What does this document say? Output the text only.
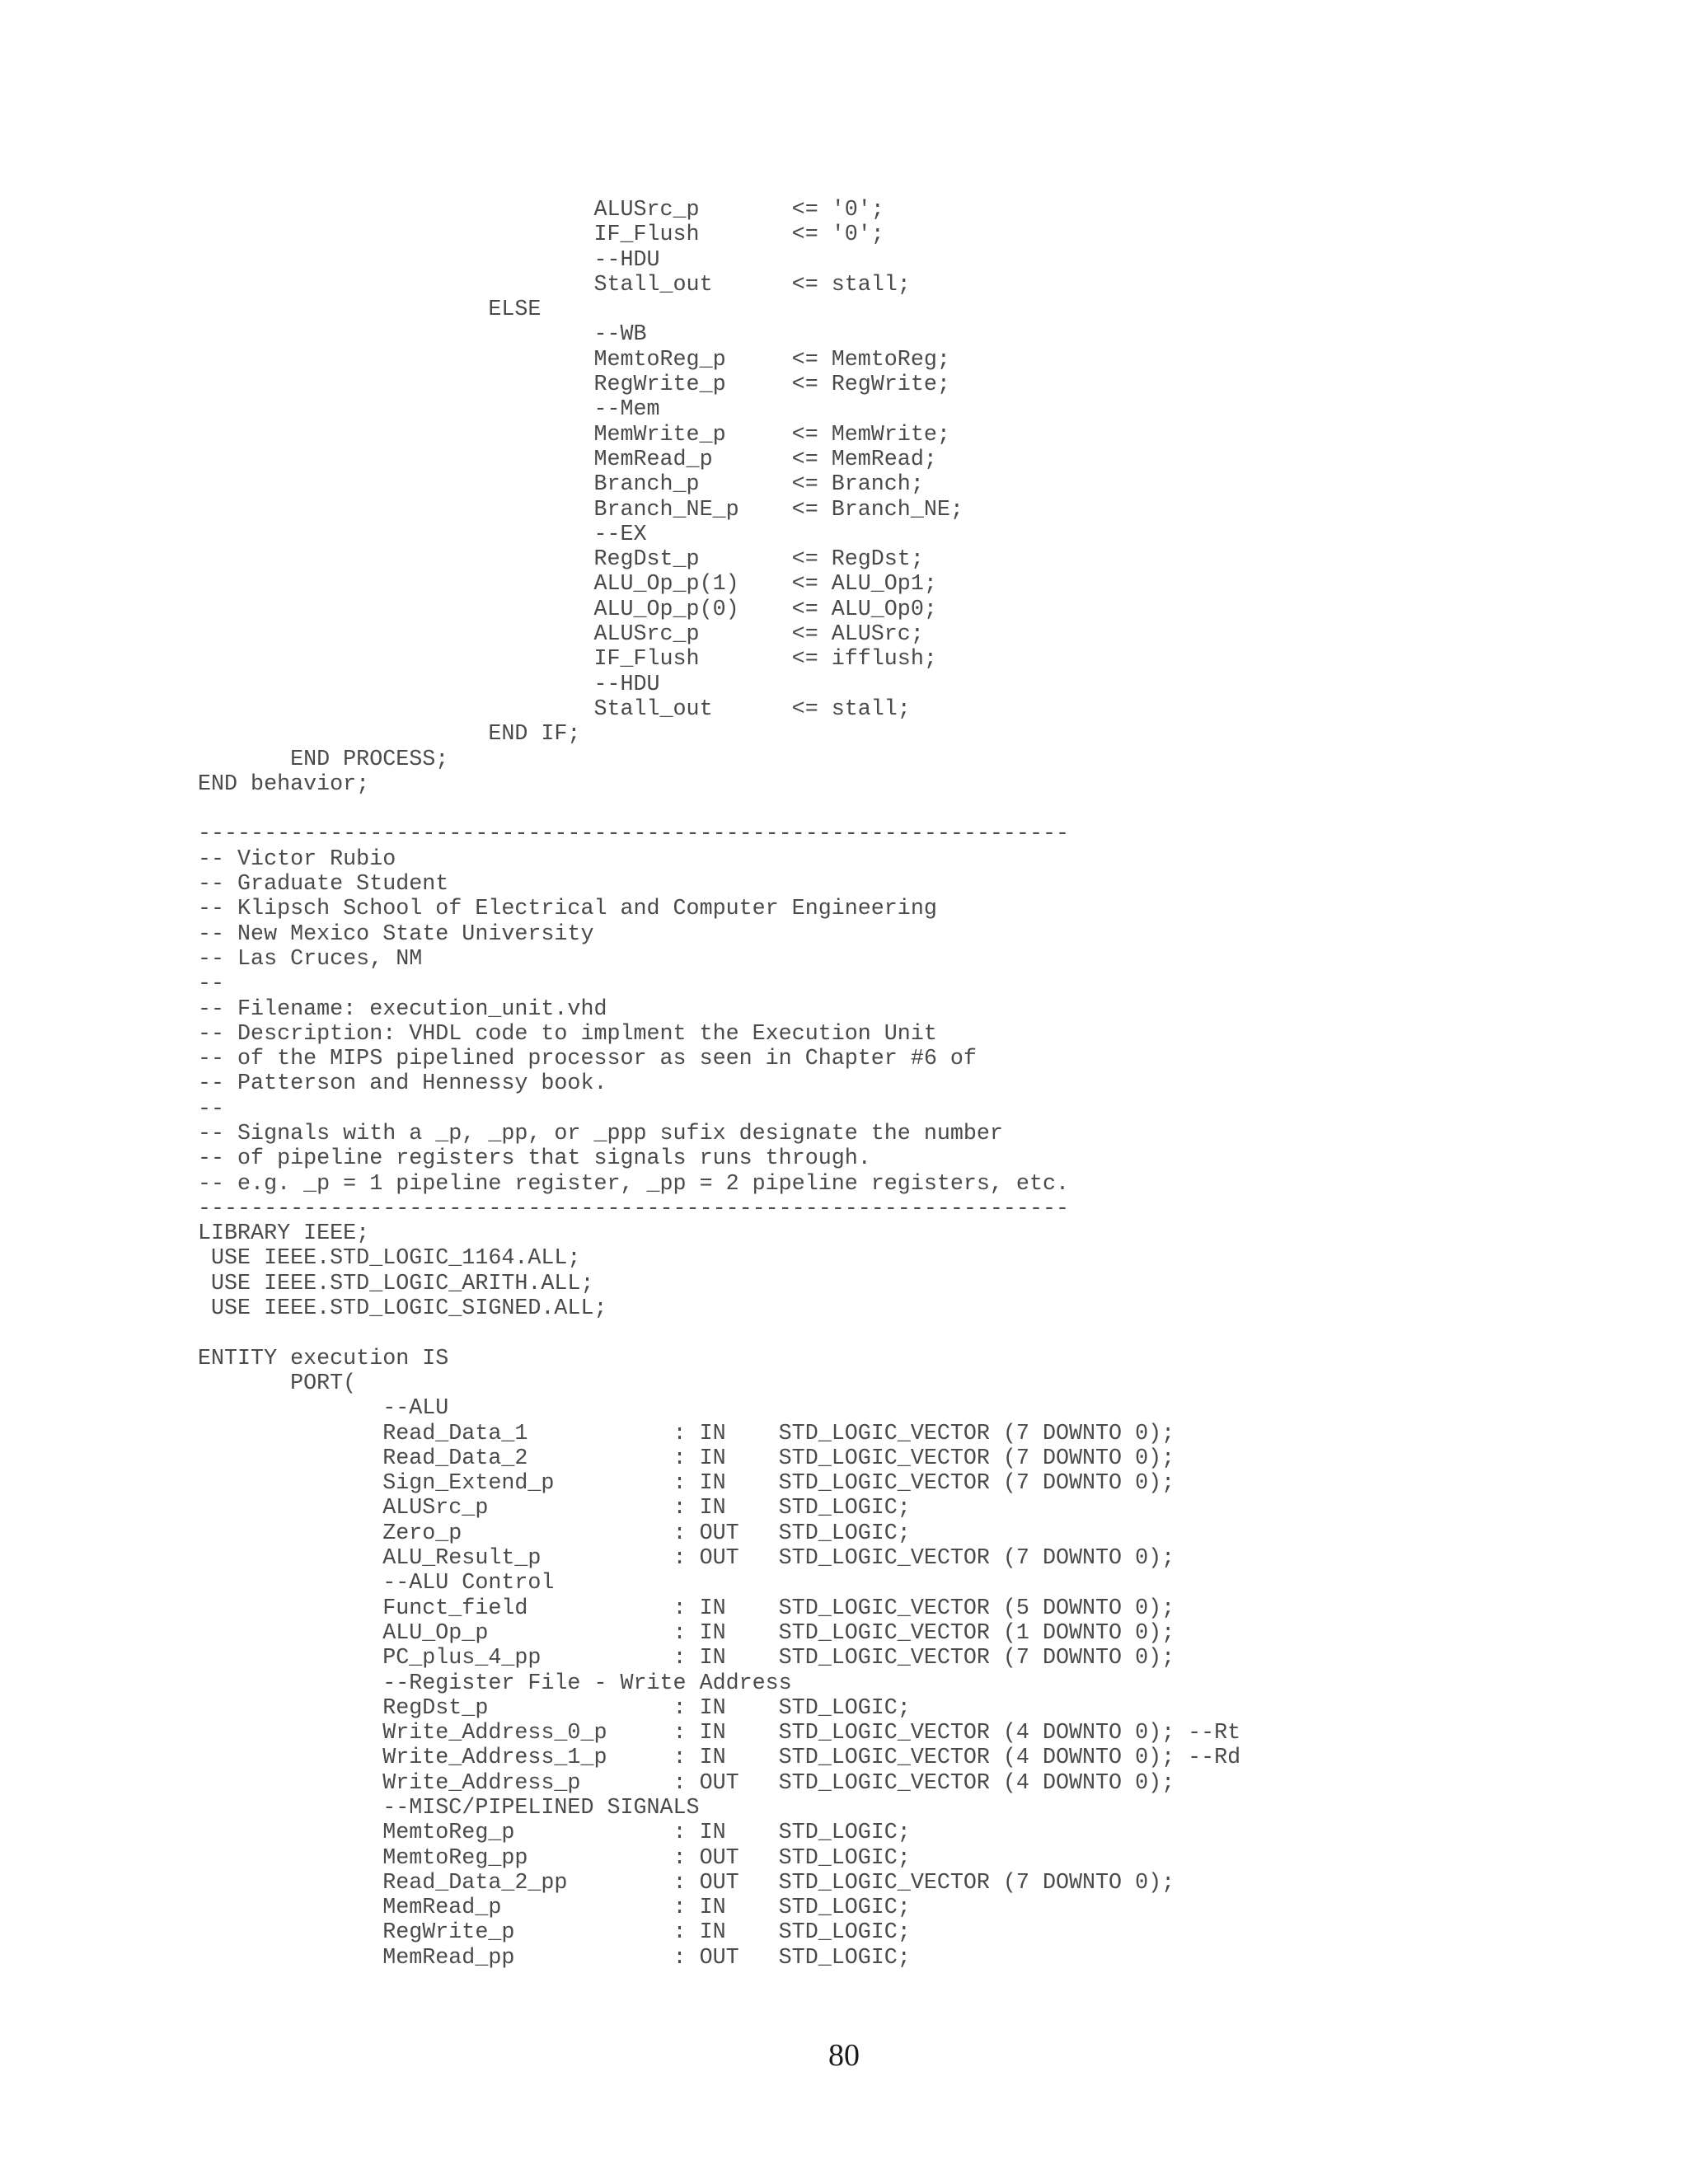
ALUSrc_p       <= '0';
IF_Flush       <= '0';
--HDU
Stall_out      <= stall;
ELSE
--WB
MemtoReg_p     <= MemtoReg;
RegWrite_p     <= RegWrite;
--Mem
MemWrite_p     <= MemWrite;
MemRead_p      <= MemRead;
Branch_p       <= Branch;
Branch_NE_p    <= Branch_NE;
--EX
RegDst_p       <= RegDst;
ALU_Op_p(1)    <= ALU_Op1;
ALU_Op_p(0)    <= ALU_Op0;
ALUSrc_p       <= ALUSrc;
IF_Flush       <= ifflush;
--HDU
Stall_out      <= stall;
END IF;
END PROCESS;
END behavior;

------------------------------------------------------------------
-- Victor Rubio
-- Graduate Student
-- Klipsch School of Electrical and Computer Engineering
-- New Mexico State University
-- Las Cruces, NM
--
-- Filename: execution_unit.vhd
-- Description: VHDL code to implment the Execution Unit
-- of the MIPS pipelined processor as seen in Chapter #6 of
-- Patterson and Hennessy book.
--
-- Signals with a _p, _pp, or _ppp sufix designate the number
-- of pipeline registers that signals runs through.
-- e.g. _p = 1 pipeline register, _pp = 2 pipeline registers, etc.
------------------------------------------------------------------
LIBRARY IEEE;
USE IEEE.STD_LOGIC_1164.ALL;
USE IEEE.STD_LOGIC_ARITH.ALL;
USE IEEE.STD_LOGIC_SIGNED.ALL;

ENTITY execution IS
PORT(
--ALU
Read_Data_1           : IN    STD_LOGIC_VECTOR (7 DOWNTO 0);
Read_Data_2           : IN    STD_LOGIC_VECTOR (7 DOWNTO 0);
Sign_Extend_p         : IN    STD_LOGIC_VECTOR (7 DOWNTO 0);
ALUSrc_p              : IN    STD_LOGIC;
Zero_p                : OUT   STD_LOGIC;
ALU_Result_p          : OUT   STD_LOGIC_VECTOR (7 DOWNTO 0);
--ALU Control
Funct_field           : IN    STD_LOGIC_VECTOR (5 DOWNTO 0);
ALU_Op_p              : IN    STD_LOGIC_VECTOR (1 DOWNTO 0);
PC_plus_4_pp          : IN    STD_LOGIC_VECTOR (7 DOWNTO 0);
--Register File - Write Address
RegDst_p              : IN    STD_LOGIC;
Write_Address_0_p     : IN    STD_LOGIC_VECTOR (4 DOWNTO 0); --Rt
Write_Address_1_p     : IN    STD_LOGIC_VECTOR (4 DOWNTO 0); --Rd
Write_Address_p       : OUT   STD_LOGIC_VECTOR (4 DOWNTO 0);
--MISC/PIPELINED SIGNALS
MemtoReg_p            : IN    STD_LOGIC;
MemtoReg_pp           : OUT   STD_LOGIC;
Read_Data_2_pp        : OUT   STD_LOGIC_VECTOR (7 DOWNTO 0);
MemRead_p             : IN    STD_LOGIC;
RegWrite_p            : IN    STD_LOGIC;
MemRead_pp            : OUT   STD_LOGIC;
80
